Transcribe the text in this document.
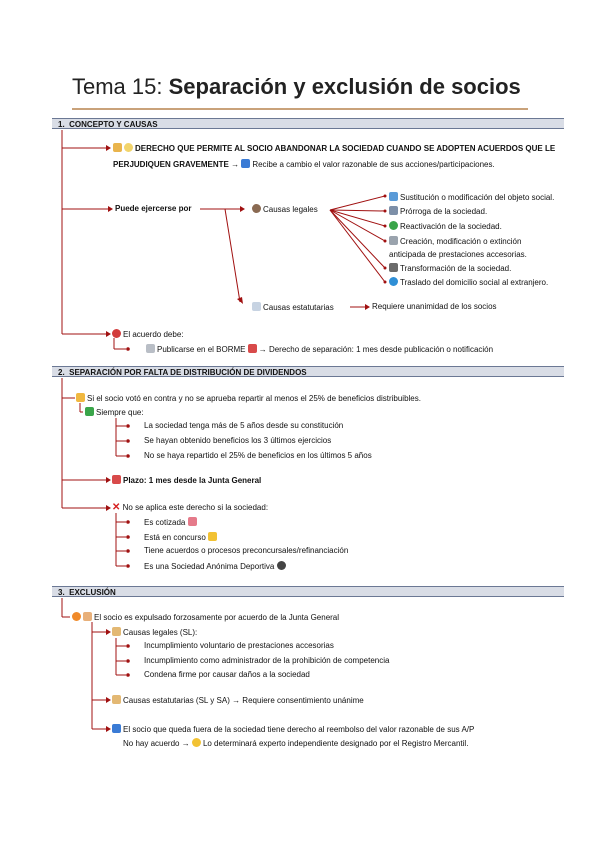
Tema 15: Separación y exclusión de socios
1. CONCEPTO Y CAUSAS
2. SEPARACIÓN POR FALTA DE DISTRIBUCIÓN DE DIVIDENDOS
3. EXCLUSIÓN
DERECHO QUE PERMITE AL SOCIO ABANDONAR LA SOCIEDAD CUANDO SE ADOPTEN ACUERDOS QUE LE
PERJUDIQUEN GRAVEMENTE → Recibe a cambio el valor razonable de sus acciones/participaciones.
Puede ejercerse por	Causas legales
Sustitución o modificación del objeto social.
Prórroga de la sociedad.
Reactivación de la sociedad.
Creación, modificación o extinción
anticipada de prestaciones accesorias.
Transformación de la sociedad.
Traslado del domicilio social al extranjero.
Causas estatutarias	Requiere unanimidad de los socios
El acuerdo debe:
Publicarse en el BORME → Derecho de separación: 1 mes desde publicación o notificación
Si el socio votó en contra y no se aprueba repartir al menos el 25% de beneficios distribuibles.
Siempre que:
La sociedad tenga más de 5 años desde su constitución
Se hayan obtenido beneficios los 3 últimos ejercicios
No se haya repartido el 25% de beneficios en los últimos 5 años
Plazo: 1 mes desde la Junta General
✕ No se aplica este derecho si la sociedad:
Es cotizada
Está en concurso
Tiene acuerdos o procesos preconcursales/refinanciación
Es una Sociedad Anónima Deportiva
El socio es expulsado forzosamente por acuerdo de la Junta General
Causas legales (SL):
Incumplimiento voluntario de prestaciones accesorias
Incumplimiento como administrador de la prohibición de competencia
Condena firme por causar daños a la sociedad
Causas estatutarias (SL y SA) → Requiere consentimiento unánime
El socio que queda fuera de la sociedad tiene derecho al reembolso del valor razonable de sus A/P
No hay acuerdo → Lo determinará experto independiente designado por el Registro Mercantil.
